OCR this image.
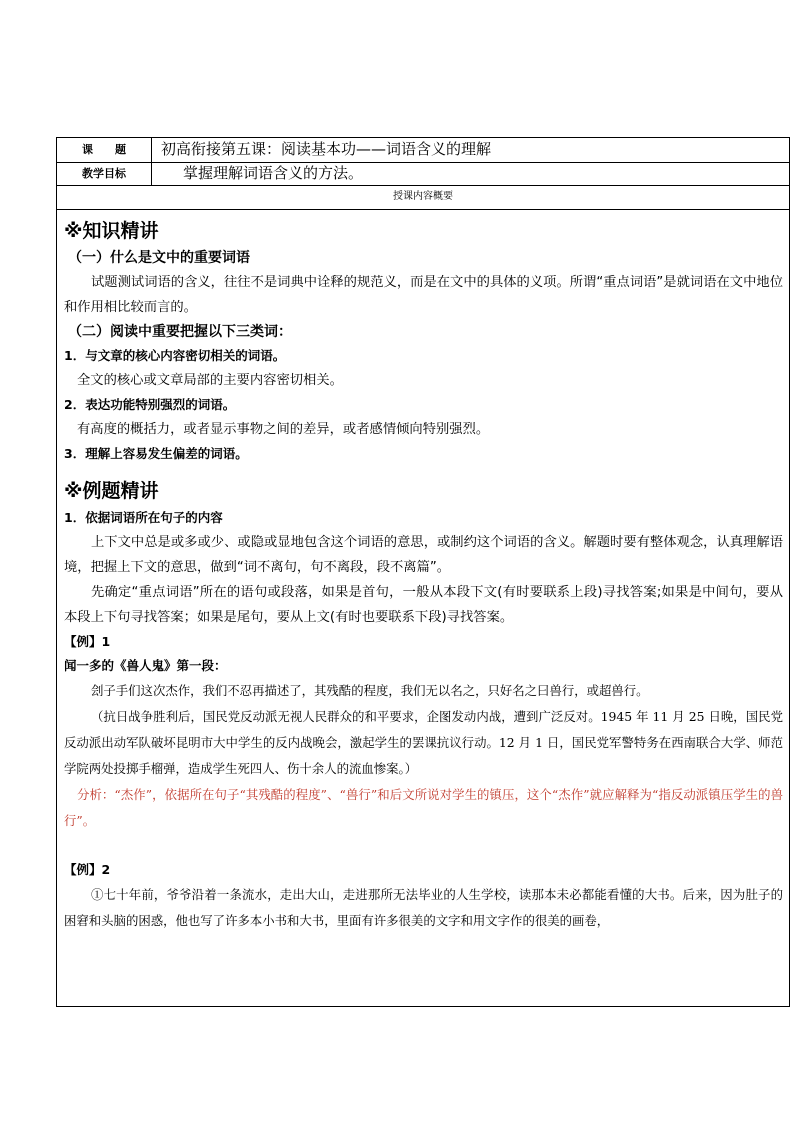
课　　题	初高衔接第五课：阅读基本功——词语含义的理解
教学目标	掌握理解词语含义的方法。
授课内容概要
※知识精讲
（一）什么是文中的重要词语
试题测试词语的含义，往往不是词典中诠释的规范义，而是在文中的具体的义项。所谓“重点词语”是就词语在文中地位和作用相比较而言的。
（二）阅读中重要把握以下三类词：
1．与文章的核心内容密切相关的词语。
全文的核心或文章局部的主要内容密切相关。
2．表达功能特别强烈的词语。
有高度的概括力，或者显示事物之间的差异，或者感情倾向特别强烈。
3．理解上容易发生偏差的词语。
※例题精讲
1．依据词语所在句子的内容
上下文中总是或多或少、或隐或显地包含这个词语的意思，或制约这个词语的含义。解题时要有整体观念，认真理解语境，把握上下文的意思，做到“词不离句，句不离段，段不离篇”。
先确定“重点词语”所在的语句或段落，如果是首句，一般从本段下文(有时要联系上段)寻找答案;如果是中间句，要从本段上下句寻找答案；如果是尾句，要从上文(有时也要联系下段)寻找答案。
【例】1
闻一多的《兽人鬼》第一段：
刽子手们这次杰作，我们不忍再描述了，其残酷的程度，我们无以名之，只好名之曰兽行，或超兽行。
（抗日战争胜利后，国民党反动派无视人民群众的和平要求，企图发动内战，遭到广泛反对。1945 年 11 月 25 日晚，国民党反动派出动军队破坏昆明市大中学生的反内战晚会，激起学生的罢课抗议行动。12 月 1 日，国民党军警特务在西南联合大学、师范学院两处投掷手榴弹，造成学生死四人、伤十余人的流血惨案。）
分析：“杰作”，依据所在句子“其残酷的程度”、“兽行”和后文所说对学生的镇压，这个“杰作”就应解释为“指反动派镇压学生的兽行”。
【例】2
①七十年前，爷爷沿着一条流水，走出大山，走进那所无法毕业的人生学校，读那本未必都能看懂的大书。后来，因为肚子的困窘和头脑的困惑，他也写了许多本小书和大书，里面有许多很美的文字和用文字作的很美的画卷，
